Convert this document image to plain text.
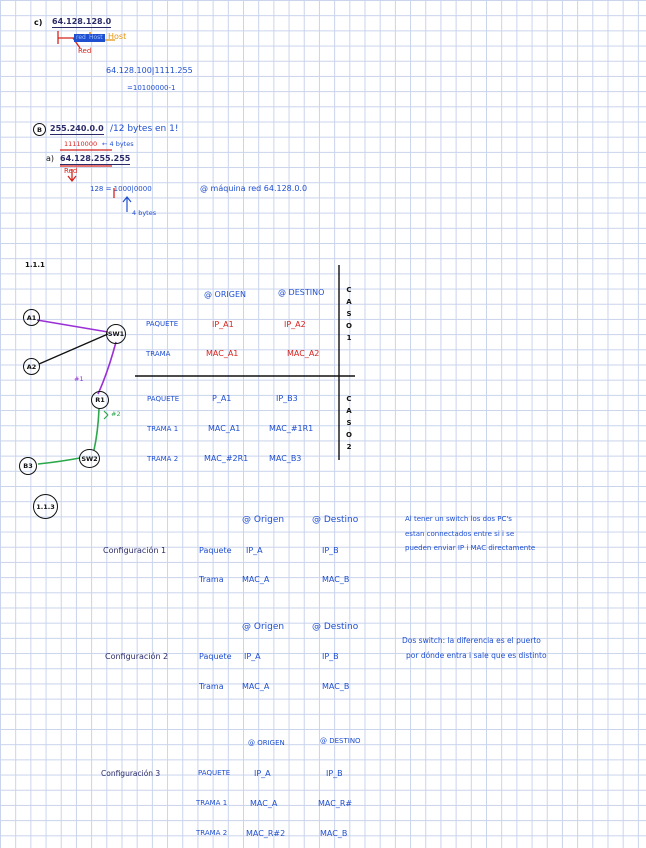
c) 64.128.128.0
red Host Host
Red
64.128.100|1111.255
=10100000-1
B 255.240.0.0 /12 bytes en 1!
11110000 ← 4 bytes
a) 64.128.255.255
Red
128 = 1000|0000
4 bytes
@ máquina red 64.128.0.0
1.1.1
@ ORIGEN	@ DESTINO	C
A
S
O
1
C
A
S
O
2
PAQUETE	IP_A1	IP_A2
TRAMA	MAC_A1	MAC_A2
PAQUETE	P_A1	IP_B3
TRAMA 1	MAC_A1	MAC_#1R1
TRAMA 2	MAC_#2R1	MAC_B3
A1
SW1
A2
R1
SW2
B3
#1
#2
1.1.3
@ Origen	@ Destino
Configuración 1	Paquete IP_A	IP_B
Trama MAC_A	MAC_B
Al tener un switch los dos PC's
estan connectados entre si i se
pueden enviar IP i MAC directamente
@ Origen	@ Destino
Configuración 2	Paquete IP_A	IP_B
Trama MAC_A	MAC_B
Dos switch: la diferencia es el puerto
por dónde entra i sale que es distinto
@ ORIGEN	@ DESTINO
Configuración 3	PAQUETE	IP_A	IP_B
TRAMA 1	MAC_A	MAC_R#
TRAMA 2 MAC_R#2	MAC_B
